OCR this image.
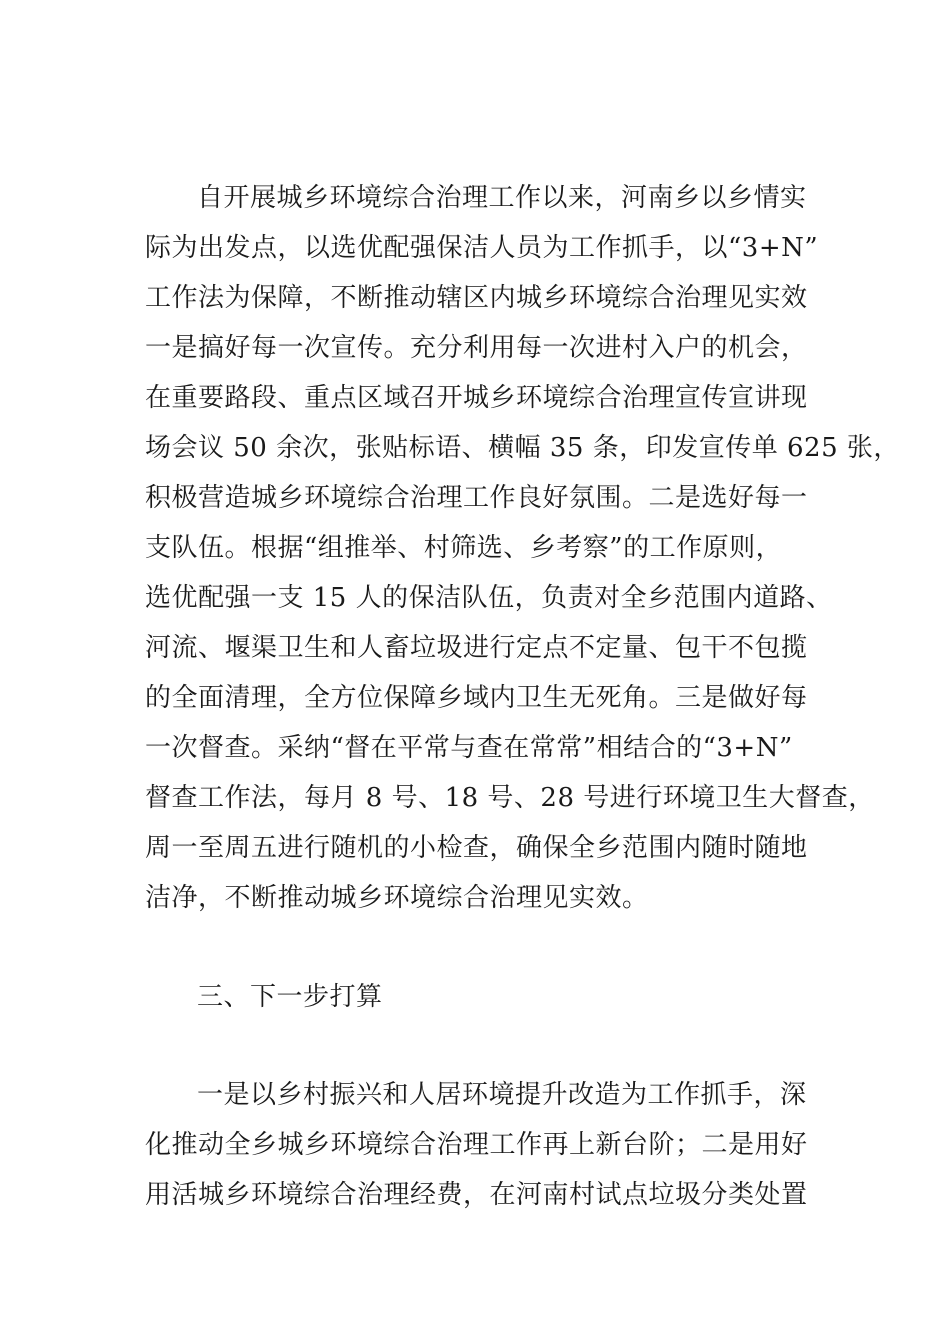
自开展城乡环境综合治理工作以来，河南乡以乡情实
际为出发点，以选优配强保洁人员为工作抓手，以“3+N”
工作法为保障，不断推动辖区内城乡环境综合治理见实效
一是搞好每一次宣传。充分利用每一次进村入户的机会，
在重要路段、重点区域召开城乡环境综合治理宣传宣讲现
场会议 50 余次，张贴标语、横幅 35 条，印发宣传单 625 张，
积极营造城乡环境综合治理工作良好氛围。二是选好每一
支队伍。根据“组推举、村筛选、乡考察”的工作原则，
选优配强一支 15 人的保洁队伍，负责对全乡范围内道路、
河流、堰渠卫生和人畜垃圾进行定点不定量、包干不包揽
的全面清理，全方位保障乡域内卫生无死角。三是做好每
一次督查。采纳“督在平常与查在常常”相结合的“3+N”
督查工作法，每月 8 号、18 号、28 号进行环境卫生大督查，
周一至周五进行随机的小检查，确保全乡范围内随时随地
洁净，不断推动城乡环境综合治理见实效。
三、下一步打算
一是以乡村振兴和人居环境提升改造为工作抓手，深
化推动全乡城乡环境综合治理工作再上新台阶；二是用好
用活城乡环境综合治理经费，在河南村试点垃圾分类处置
